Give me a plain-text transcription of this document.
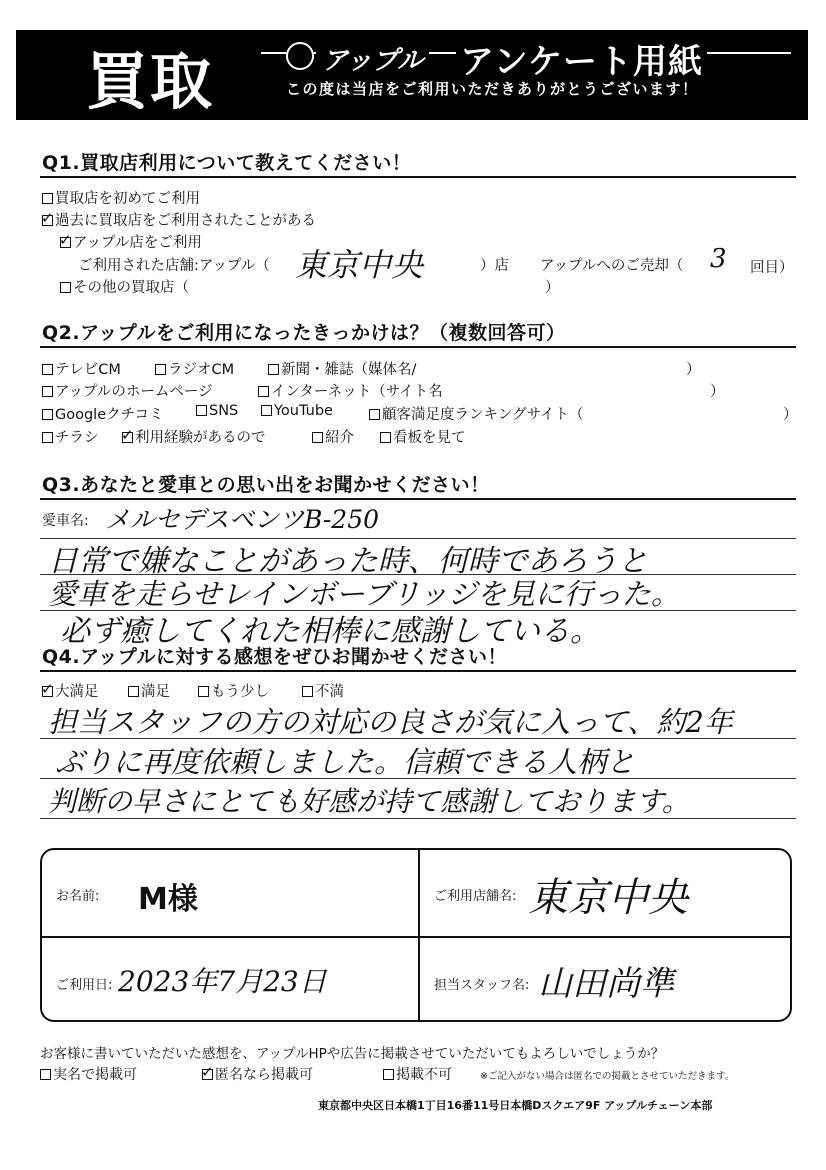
買取	アップル アンケート用紙
この度は当店をご利用いただきありがとうございます！
Q1.買取店利用について教えてください！
買取店を初めてご利用
✓過去に買取店をご利用されたことがある
✓アップル店をご利用
ご利用された店舗:アップル（ 東京中央	）店 アップルへのご売却（ 3 回目）
その他の買取店（	）
Q2.アップルをご利用になったきっかけは？（複数回答可）
テレビCM	ラジオCM	新聞・雑誌（媒体名/	）
アップルのホームページ	インターネット（サイト名	）
Googleクチコミ	SNS	YouTube	顧客満足度ランキングサイト（	）
チラシ ✓	利用経験があるので	紹介	看板を見て
Q3.あなたと愛車との思い出をお聞かせください！
愛車名: メルセデスベンツB-250
日常で嫌なことがあった時、何時であろうと
愛車を走らせレインボーブリッジを見に行った。
必ず癒してくれた相棒に感謝している。
Q4.アップルに対する感想をぜひお聞かせください！
✓大満足	満足	もう少し	不満
担当スタッフの方の対応の良さが気に入って、約2年
ぶりに再度依頼しました。信頼できる人柄と
判断の早さにとても好感が持て感謝しております。
お名前: M様	ご利用店舗名: 東京中央
ご利用日: 2023年7月23日	担当スタッフ名: 山田尚準
お客様に書いていただいた感想を、アップルHPや広告に掲載させていただいてもよろしいでしょうか？
実名で掲載可 ✓	匿名なら掲載可	掲載不可	※ご記入がない場合は匿名での掲載とさせていただきます。
東京都中央区日本橋1丁目16番11号日本橋Dスクエア9F アップルチェーン本部
